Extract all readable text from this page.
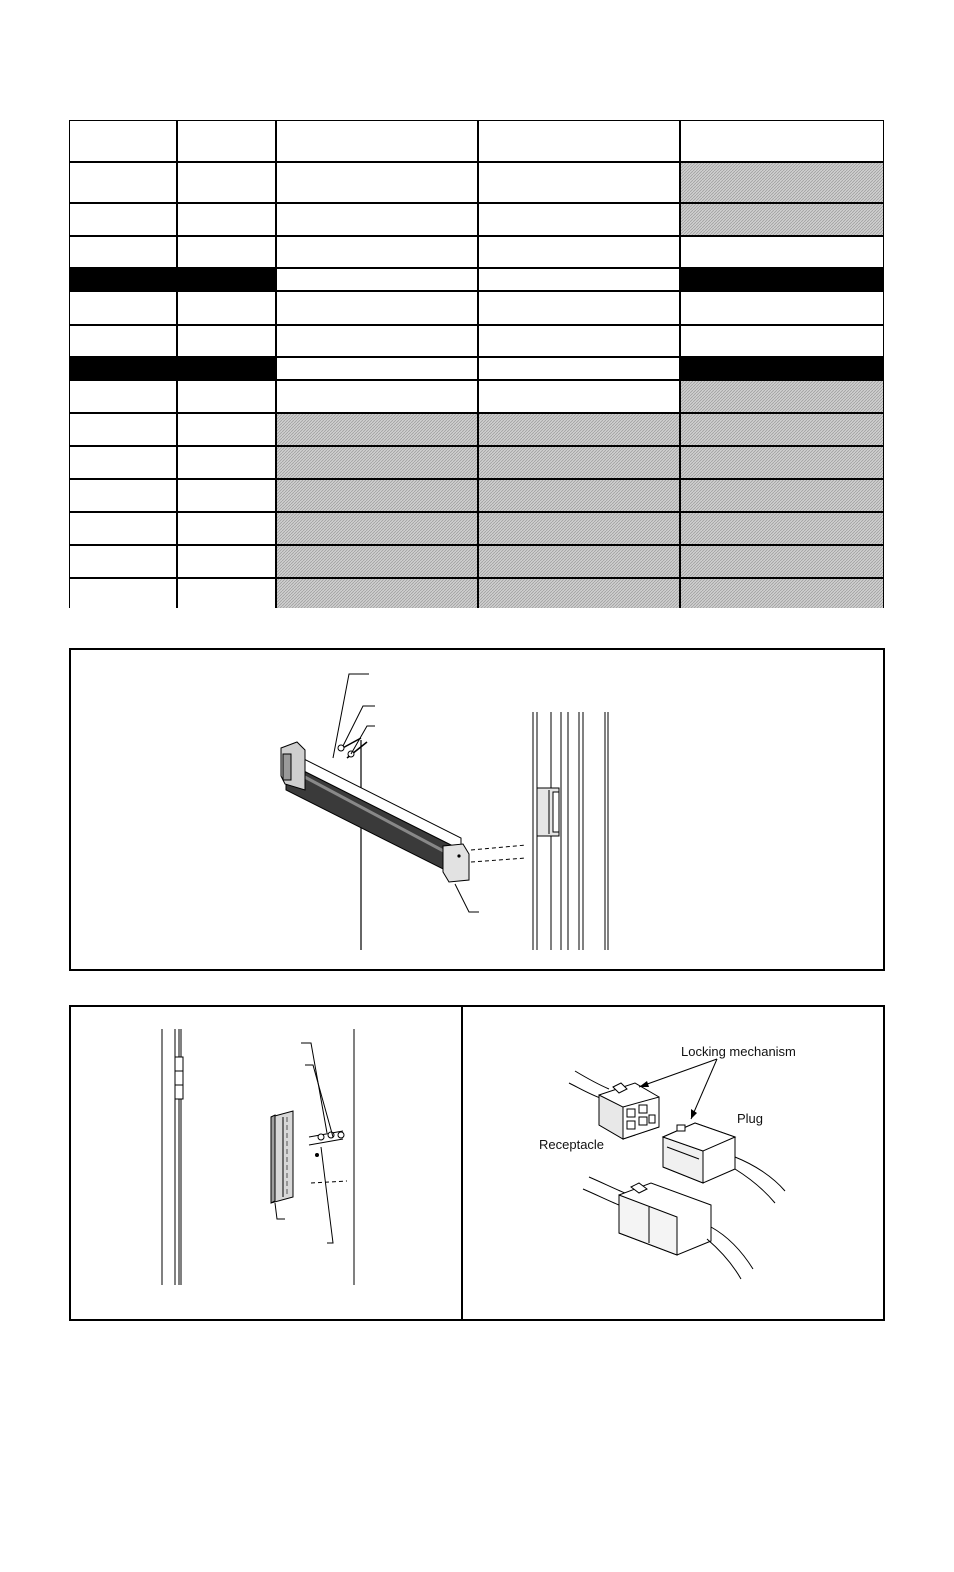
Locking mechanism
Plug
Receptacle
